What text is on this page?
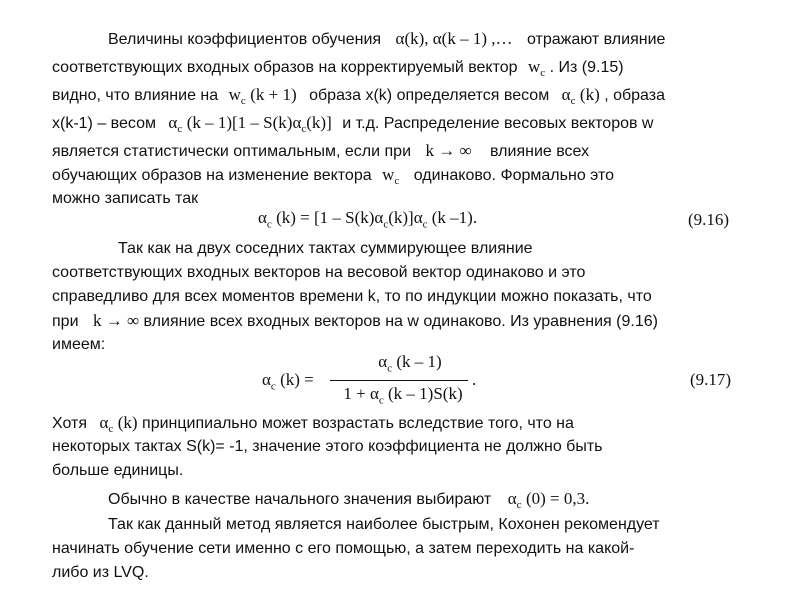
Величины коэффициентов обучения α(k), α(k – 1) ,… отражают влияние
соответствующих входных образов на корректируемый вектор $w_c$ . Из (9.15)
видно, что влияние на $w_c$ (k + 1) образа x(k) определяется весом $\alpha_c$ (k) , образа
x(k-1) – весом $\alpha_c$ $(k - 1)[1 - S(k)\alpha_c(k)]$ и т.д. Распределение весовых векторов w
является статистически оптимальным, если при k → ∞ влияние всех
обучающих образов на изменение вектора $w_c$ одинаково. Формально это
можно записать так
$\alpha_c$ $(k) = [1 - S(k)\alpha_c(k)]\alpha_c$ (k –1).	(9.16)
Так как на двух соседних тактах суммирующее влияние
соответствующих входных векторов на весовой вектор одинаково и это
справедливо для всех моментов времени k, то по индукции можно показать, что
при k → ∞ влияние всех входных векторов на w одинаково. Из уравнения (9.16)
имеем:
$\alpha_c$ (k) =
$\alpha_c$ (k – 1)
$1 + \alpha_c$ (k – 1)S(k)
.	(9.17)
Хотя $\alpha_c$ (k) принципиально может возрастать вследствие того, что на
некоторых тактах S(k)= -1, значение этого коэффициента не должно быть
больше единицы.
Обычно в качестве начального значения выбирают $\alpha_c$ (0) = 0,3.
Так как данный метод является наиболее быстрым, Кохонен рекомендует
начинать обучение сети именно с его помощью, а затем переходить на какой-
либо из LVQ.
